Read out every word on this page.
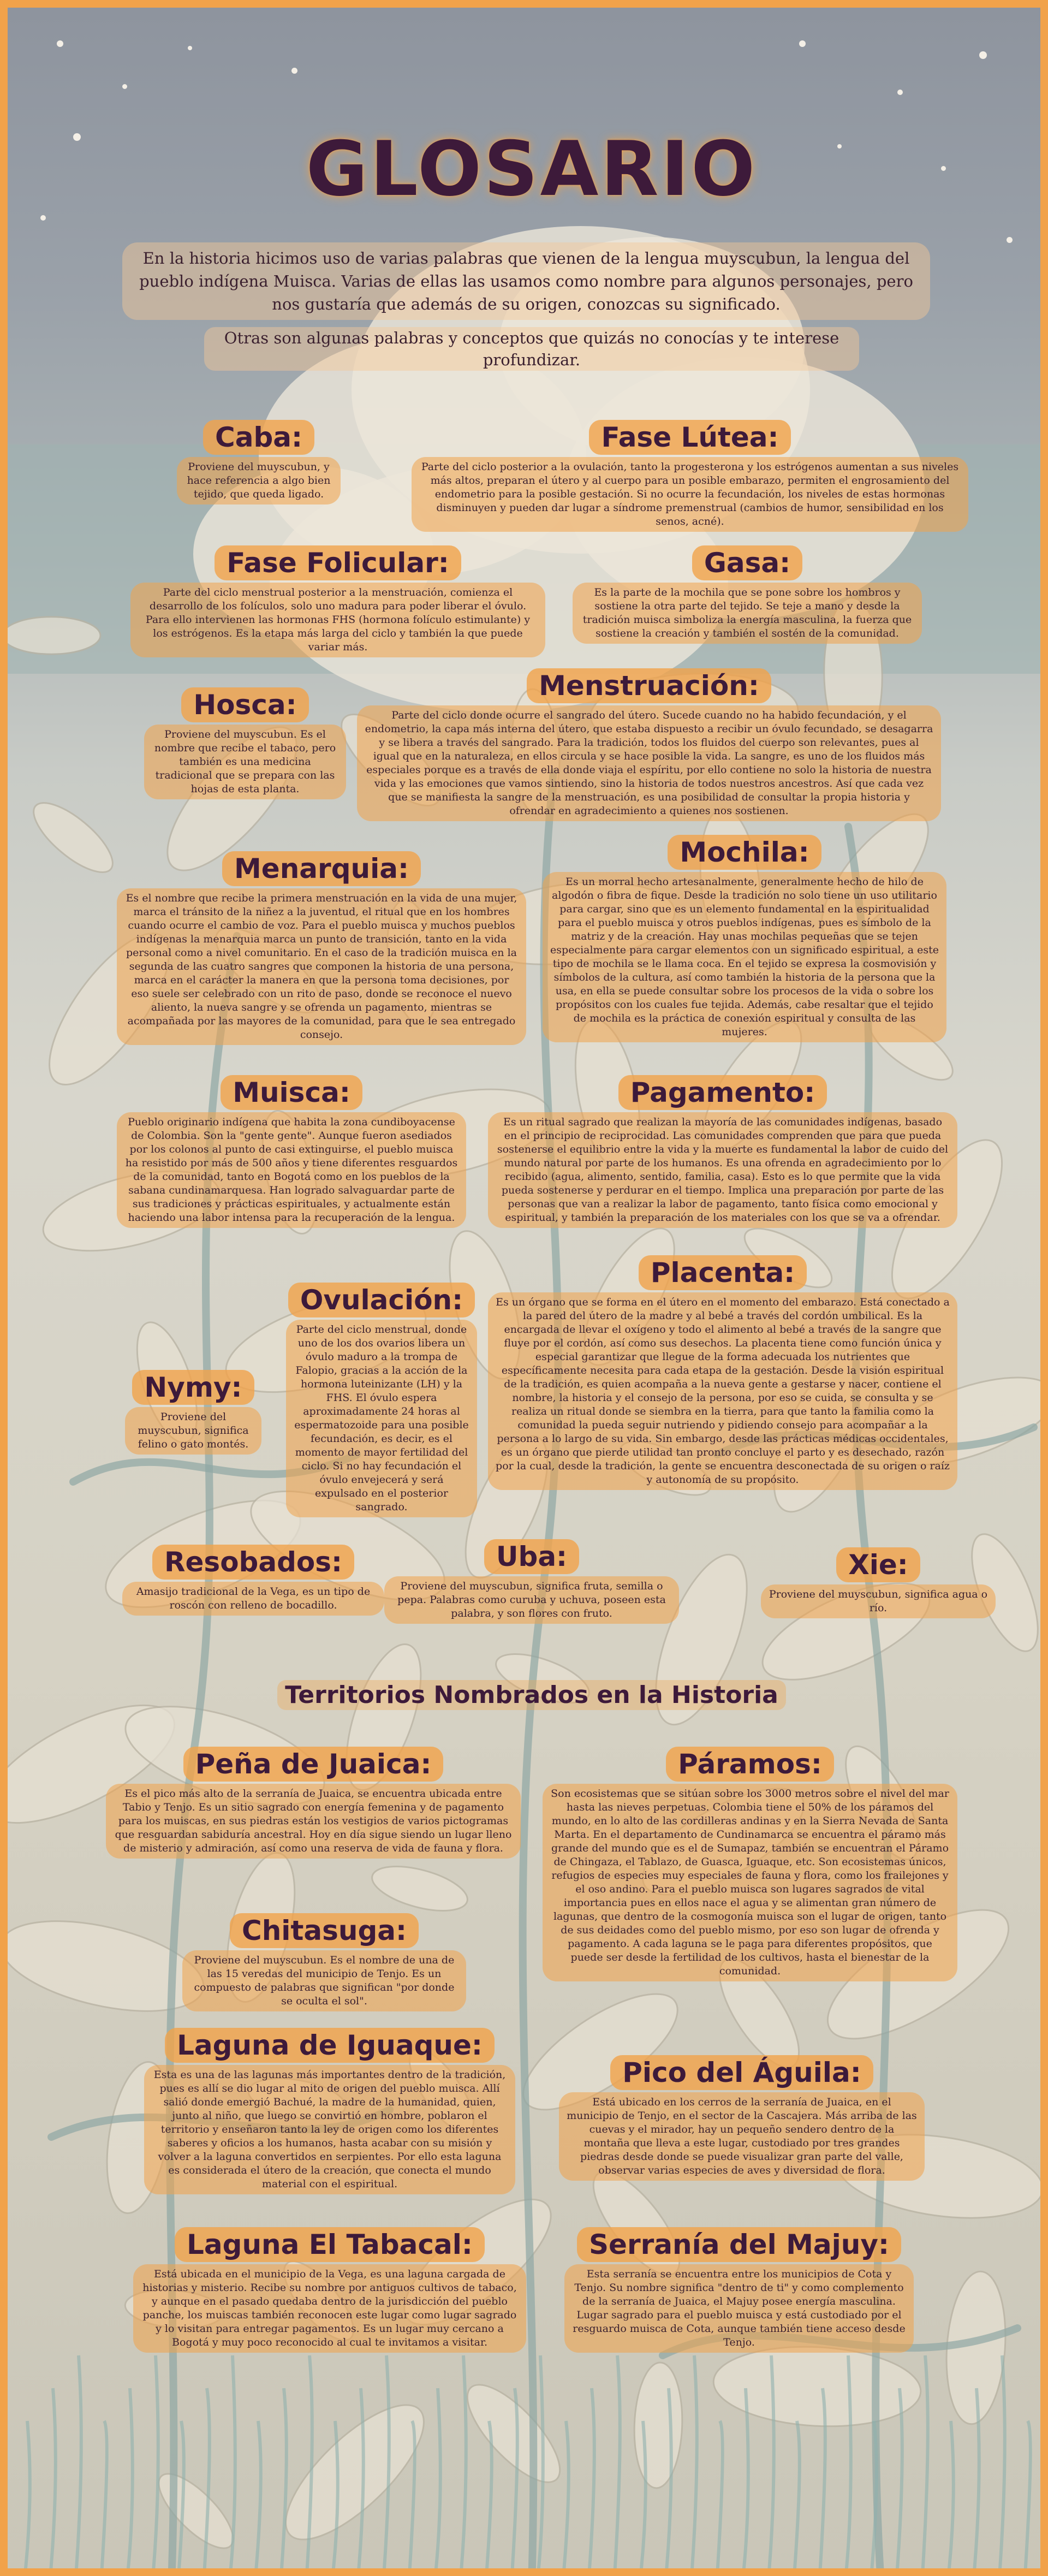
GLOSARIO
En la historia hicimos uso de varias palabras que vienen de la lengua muyscubun, la lengua del pueblo indígena Muisca. Varias de ellas las usamos como nombre para algunos personajes, pero nos gustaría que además de su origen, conozcas su significado.
Otras son algunas palabras y conceptos que quizás no conocías y te interese profundizar.
Caba:

Proviene del muyscubun, y hace referencia a algo bien tejido, que queda ligado.

Fase Lútea:

Parte del ciclo posterior a la ovulación, tanto la progesterona y los estrógenos aumentan a sus niveles más altos, preparan el útero y al cuerpo para un posible embarazo, permiten el engrosamiento del endometrio para la posible gestación. Si no ocurre la fecundación, los niveles de estas hormonas disminuyen y pueden dar lugar a síndrome premenstrual (cambios de humor, sensibilidad en los senos, acné).

Fase Folicular:

Parte del ciclo menstrual posterior a la menstruación, comienza el desarrollo de los folículos, solo uno madura para poder liberar el óvulo. Para ello intervienen las hormonas FHS (hormona folículo estimulante) y los estrógenos. Es la etapa más larga del ciclo y también la que puede variar más.

Gasa:

Es la parte de la mochila que se pone sobre los hombros y sostiene la otra parte del tejido. Se teje a mano y desde la tradición muisca simboliza la energía masculina, la fuerza que sostiene la creación y también el sostén de la comunidad.

Hosca:

Proviene del muyscubun. Es el nombre que recibe el tabaco, pero también es una medicina tradicional que se prepara con las hojas de esta planta.

Menstruación:

Parte del ciclo donde ocurre el sangrado del útero. Sucede cuando no ha habido fecundación, y el endometrio, la capa más interna del útero, que estaba dispuesto a recibir un óvulo fecundado, se desagarra y se libera a través del sangrado. Para la tradición, todos los fluidos del cuerpo son relevantes, pues al igual que en la naturaleza, en ellos circula y se hace posible la vida. La sangre, es uno de los fluidos más especiales porque es a través de ella donde viaja el espíritu, por ello contiene no solo la historia de nuestra vida y las emociones que vamos sintiendo, sino la historia de todos nuestros ancestros. Así que cada vez que se manifiesta la sangre de la menstruación, es una posibilidad de consultar la propia historia y ofrendar en agradecimiento a quienes nos sostienen.

Menarquia:

Es el nombre que recibe la primera menstruación en la vida de una mujer, marca el tránsito de la niñez a la juventud, el ritual que en los hombres cuando ocurre el cambio de voz. Para el pueblo muisca y muchos pueblos indígenas la menarquia marca un punto de transición, tanto en la vida personal como a nivel comunitario. En el caso de la tradición muisca en la segunda de las cuatro sangres que componen la historia de una persona, marca en el carácter la manera en que la persona toma decisiones, por eso suele ser celebrado con un rito de paso, donde se reconoce el nuevo aliento, la nueva sangre y se ofrenda un pagamento, mientras se acompañada por las mayores de la comunidad, para que le sea entregado consejo.

Mochila:

Es un morral hecho artesanalmente, generalmente hecho de hilo de algodón o fibra de fique. Desde la tradición no solo tiene un uso utilitario para cargar, sino que es un elemento fundamental en la espiritualidad para el pueblo muisca y otros pueblos indígenas, pues es símbolo de la matriz y de la creación. Hay unas mochilas pequeñas que se tejen especialmente para cargar elementos con un significado espiritual, a este tipo de mochila se le llama coca. En el tejido se expresa la cosmovisión y símbolos de la cultura, así como también la historia de la persona que la usa, en ella se puede consultar sobre los procesos de la vida o sobre los propósitos con los cuales fue tejida. Además, cabe resaltar que el tejido de mochila es la práctica de conexión espiritual y consulta de las mujeres.

Muisca:

Pueblo originario indígena que habita la zona cundiboyacense de Colombia. Son la "gente gente". Aunque fueron asediados por los colonos al punto de casi extinguirse, el pueblo muisca ha resistido por más de 500 años y tiene diferentes resguardos de la comunidad, tanto en Bogotá como en los pueblos de la sabana cundinamarquesa. Han logrado salvaguardar parte de sus tradiciones y prácticas espirituales, y actualmente están haciendo una labor intensa para la recuperación de la lengua.

Pagamento:

Es un ritual sagrado que realizan la mayoría de las comunidades indígenas, basado en el principio de reciprocidad. Las comunidades comprenden que para que pueda sostenerse el equilibrio entre la vida y la muerte es fundamental la labor de cuido del mundo natural por parte de los humanos. Es una ofrenda en agradecimiento por lo recibido (agua, alimento, sentido, familia, casa). Esto es lo que permite que la vida pueda sostenerse y perdurar en el tiempo. Implica una preparación por parte de las personas que van a realizar la labor de pagamento, tanto física como emocional y espiritual, y también la preparación de los materiales con los que se va a ofrendar.

Ovulación:

Parte del ciclo menstrual, donde uno de los dos ovarios libera un óvulo maduro a la trompa de Falopio, gracias a la acción de la hormona luteinizante (LH) y la FHS. El óvulo espera aproximadamente 24 horas al espermatozoide para una posible fecundación, es decir, es el momento de mayor fertilidad del ciclo. Si no hay fecundación el óvulo envejecerá y será expulsado en el posterior sangrado.

Nymy:

Proviene del muyscubun, significa felino o gato montés.

Placenta:

Es un órgano que se forma en el útero en el momento del embarazo. Está conectado a la pared del útero de la madre y al bebé a través del cordón umbilical. Es la encargada de llevar el oxígeno y todo el alimento al bebé a través de la sangre que fluye por el cordón, así como sus desechos. La placenta tiene como función única y especial garantizar que llegue de la forma adecuada los nutrientes que específicamente necesita para cada etapa de la gestación. Desde la visión espiritual de la tradición, es quien acompaña a la nueva gente a gestarse y nacer, contiene el nombre, la historia y el consejo de la persona, por eso se cuida, se consulta y se realiza un ritual donde se siembra en la tierra, para que tanto la familia como la comunidad la pueda seguir nutriendo y pidiendo consejo para acompañar a la persona a lo largo de su vida. Sin embargo, desde las prácticas médicas occidentales, es un órgano que pierde utilidad tan pronto concluye el parto y es desechado, razón por la cual, desde la tradición, la gente se encuentra desconectada de su origen o raíz y autonomía de su propósito.

Resobados:

Amasijo tradicional de la Vega, es un tipo de roscón con relleno de bocadillo.

Uba:

Proviene del muyscubun, significa fruta, semilla o pepa. Palabras como curuba y uchuva, poseen esta palabra, y son flores con fruto.

Xie:

Proviene del muyscubun, significa agua o río.

Territorios Nombrados en la Historia
Peña de Juaica:

Es el pico más alto de la serranía de Juaica, se encuentra ubicada entre Tabio y Tenjo. Es un sitio sagrado con energía femenina y de pagamento para los muiscas, en sus piedras están los vestigios de varios pictogramas que resguardan sabiduría ancestral. Hoy en día sigue siendo un lugar lleno de misterio y admiración, así como una reserva de vida de fauna y flora.

Páramos:

Son ecosistemas que se sitúan sobre los 3000 metros sobre el nivel del mar hasta las nieves perpetuas. Colombia tiene el 50% de los páramos del mundo, en lo alto de las cordilleras andinas y en la Sierra Nevada de Santa Marta. En el departamento de Cundinamarca se encuentra el páramo más grande del mundo que es el de Sumapaz, también se encuentran el Páramo de Chingaza, el Tablazo, de Guasca, Iguaque, etc. Son ecosistemas únicos, refugios de especies muy especiales de fauna y flora, como los frailejones y el oso andino. Para el pueblo muisca son lugares sagrados de vital importancia pues en ellos nace el agua y se alimentan gran número de lagunas, que dentro de la cosmogonía muisca son el lugar de origen, tanto de sus deidades como del pueblo mismo, por eso son lugar de ofrenda y pagamento. A cada laguna se le paga para diferentes propósitos, que puede ser desde la fertilidad de los cultivos, hasta el bienestar de la comunidad.

Chitasuga:

Proviene del muyscubun. Es el nombre de una de las 15 veredas del municipio de Tenjo. Es un compuesto de palabras que significan "por donde se oculta el sol".

Laguna de Iguaque:

Esta es una de las lagunas más importantes dentro de la tradición, pues es allí se dio lugar al mito de origen del pueblo muisca. Allí salió donde emergió Bachué, la madre de la humanidad, quien, junto al niño, que luego se convirtió en hombre, poblaron el territorio y enseñaron tanto la ley de origen como los diferentes saberes y oficios a los humanos, hasta acabar con su misión y volver a la laguna convertidos en serpientes. Por ello esta laguna es considerada el útero de la creación, que conecta el mundo material con el espiritual.

Pico del Águila:

Está ubicado en los cerros de la serranía de Juaica, en el municipio de Tenjo, en el sector de la Cascajera. Más arriba de las cuevas y el mirador, hay un pequeño sendero dentro de la montaña que lleva a este lugar, custodiado por tres grandes piedras desde donde se puede visualizar gran parte del valle, observar varias especies de aves y diversidad de flora.

Laguna El Tabacal:

Está ubicada en el municipio de la Vega, es una laguna cargada de historias y misterio. Recibe su nombre por antiguos cultivos de tabaco, y aunque en el pasado quedaba dentro de la jurisdicción del pueblo panche, los muiscas también reconocen este lugar como lugar sagrado y lo visitan para entregar pagamentos. Es un lugar muy cercano a Bogotá y muy poco reconocido al cual te invitamos a visitar.

Serranía del Majuy:

Esta serranía se encuentra entre los municipios de Cota y Tenjo. Su nombre significa "dentro de ti" y como complemento de la serranía de Juaica, el Majuy posee energía masculina. Lugar sagrado para el pueblo muisca y está custodiado por el resguardo muisca de Cota, aunque también tiene acceso desde Tenjo.
